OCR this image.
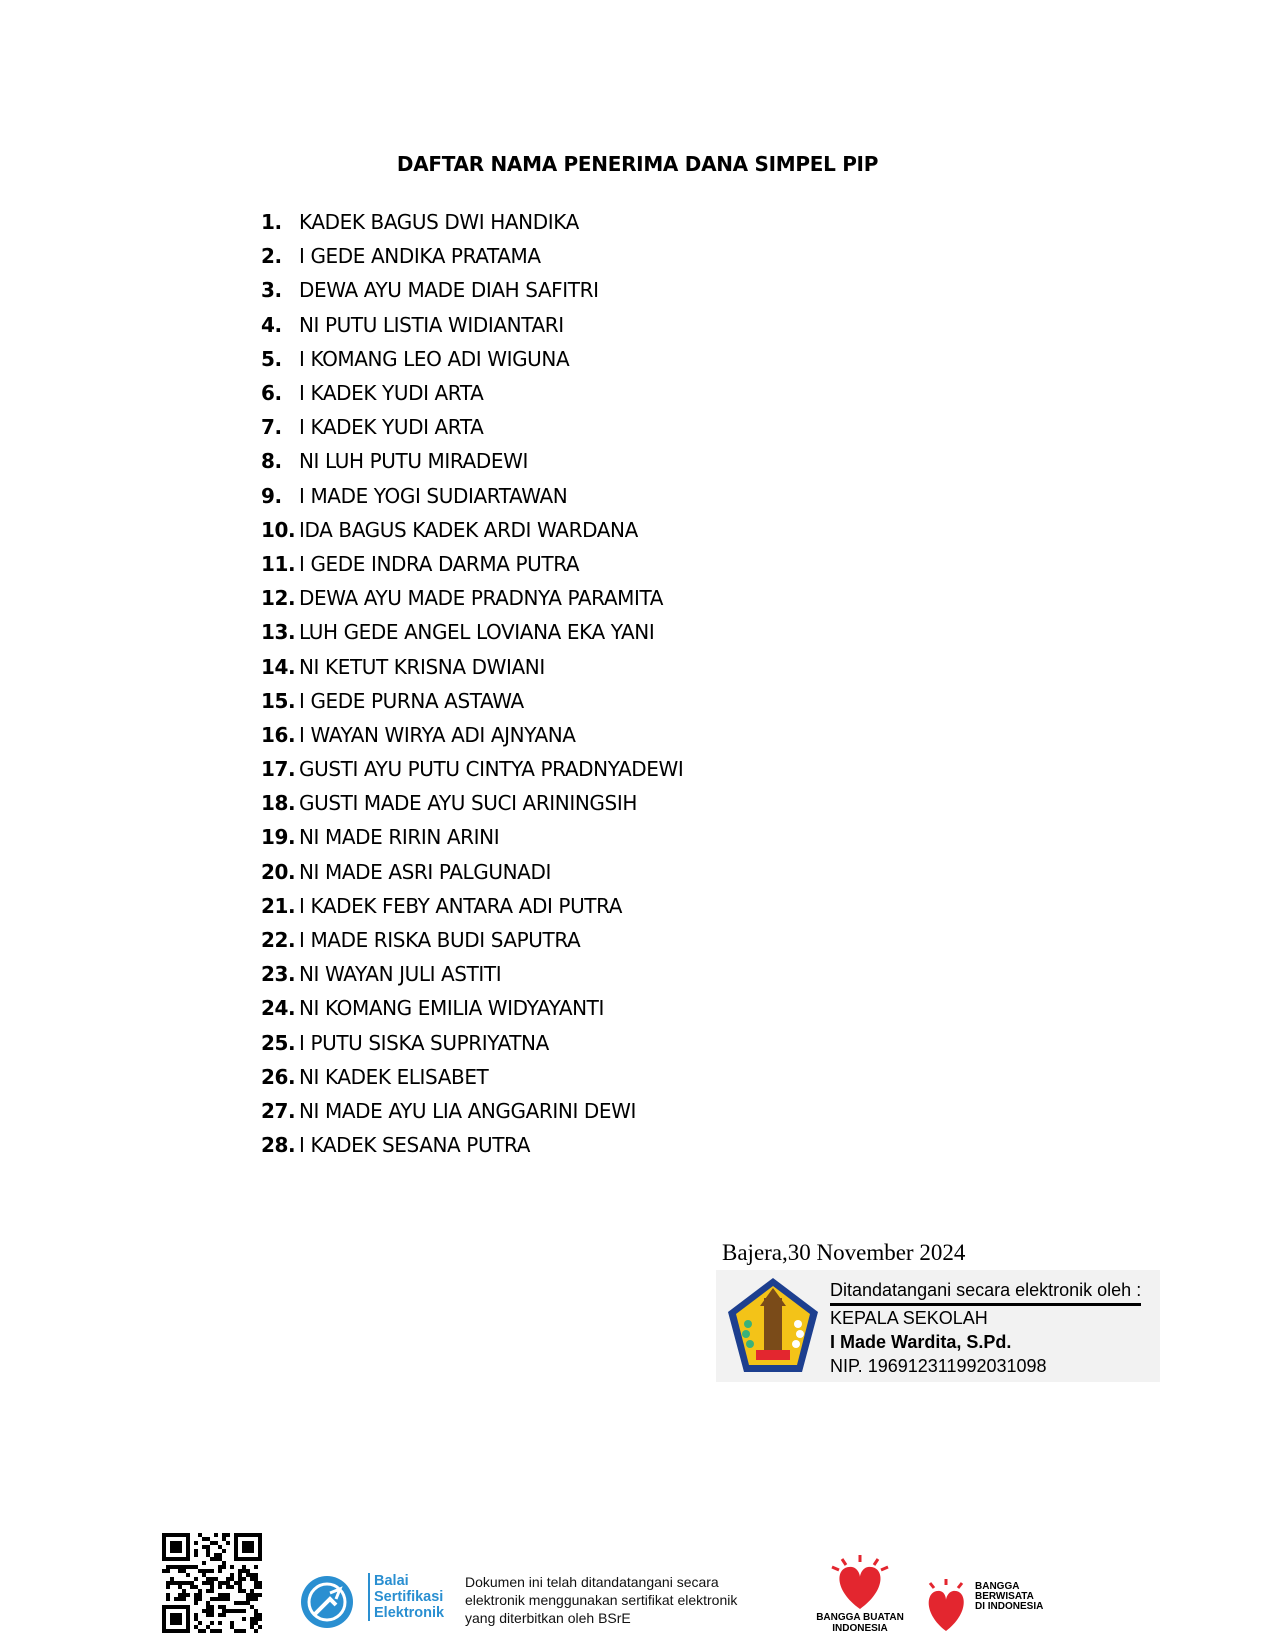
DAFTAR NAMA PENERIMA DANA SIMPEL PIP
1. KADEK BAGUS DWI HANDIKA
2. I GEDE ANDIKA PRATAMA
3. DEWA AYU MADE DIAH SAFITRI
4. NI PUTU LISTIA WIDIANTARI
5. I KOMANG LEO ADI WIGUNA
6. I KADEK YUDI ARTA
7. I KADEK YUDI ARTA
8. NI LUH PUTU MIRADEWI
9. I MADE YOGI SUDIARTAWAN
10. IDA BAGUS KADEK ARDI WARDANA
11. I GEDE INDRA DARMA PUTRA
12. DEWA AYU MADE PRADNYA PARAMITA
13. LUH GEDE ANGEL LOVIANA EKA YANI
14. NI KETUT KRISNA DWIANI
15. I GEDE PURNA ASTAWA
16. I WAYAN WIRYA ADI AJNYANA
17. GUSTI AYU PUTU CINTYA PRADNYADEWI
18. GUSTI MADE AYU SUCI ARININGSIH
19. NI MADE RIRIN ARINI
20. NI MADE ASRI PALGUNADI
21. I KADEK FEBY ANTARA ADI PUTRA
22. I MADE RISKA BUDI SAPUTRA
23. NI WAYAN JULI ASTITI
24. NI KOMANG EMILIA WIDYAYANTI
25. I PUTU SISKA SUPRIYATNA
26. NI KADEK ELISABET
27. NI MADE AYU LIA ANGGARINI DEWI
28. I KADEK SESANA PUTRA
Bajera,30 November 2024
Ditandatangani secara elektronik oleh :
KEPALA SEKOLAH
I Made Wardita, S.Pd.
NIP. 196912311992031098
Balai
Sertifikasi
Elektronik
Dokumen ini telah ditandatangani secara
elektronik menggunakan sertifikat elektronik
yang diterbitkan oleh BSrE	BANGGA BUATAN
INDONESIA
BANGGA
BERWISATA
DI INDONESIA
